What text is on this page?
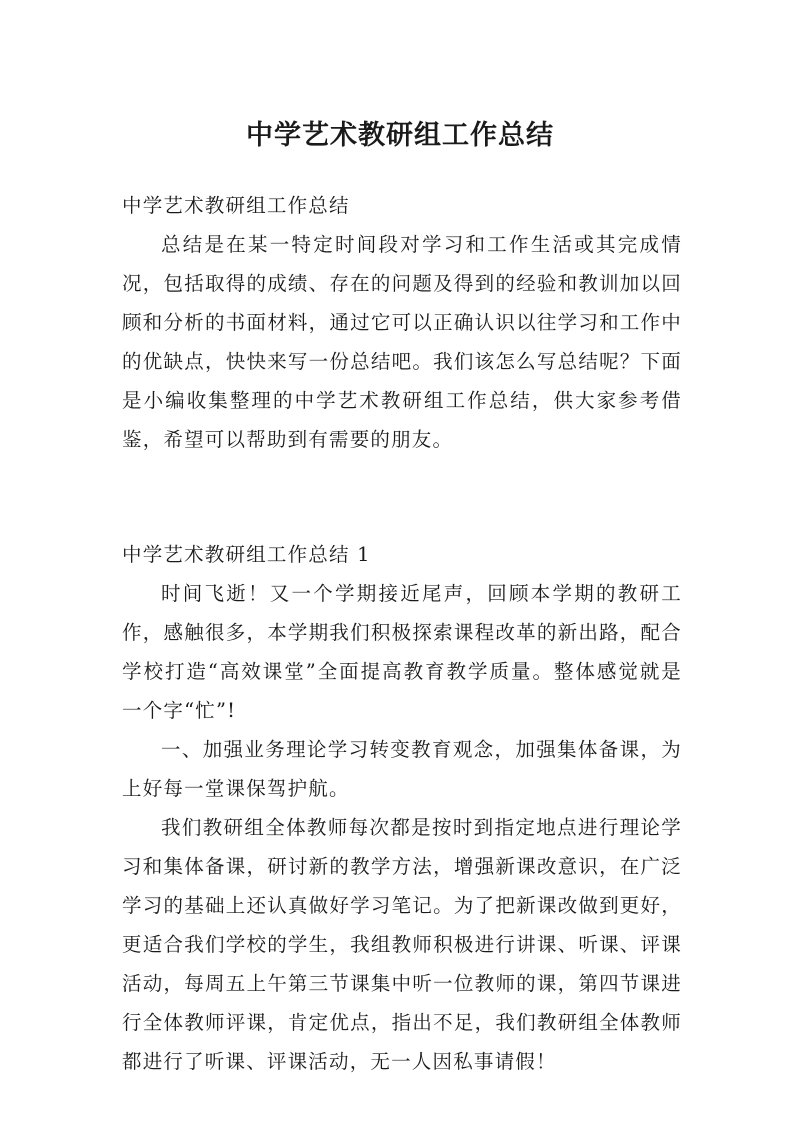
中学艺术教研组工作总结

中学艺术教研组工作总结

总结是在某一特定时间段对学习和工作生活或其完成情况，包括取得的成绩、存在的问题及得到的经验和教训加以回顾和分析的书面材料，通过它可以正确认识以往学习和工作中的优缺点，快快来写一份总结吧。我们该怎么写总结呢？下面是小编收集整理的中学艺术教研组工作总结，供大家参考借鉴，希望可以帮助到有需要的朋友。

中学艺术教研组工作总结 1

时间飞逝！又一个学期接近尾声，回顾本学期的教研工作，感触很多，本学期我们积极探索课程改革的新出路，配合学校打造“高效课堂”全面提高教育教学质量。整体感觉就是一个字“忙”!

一、加强业务理论学习转变教育观念，加强集体备课，为上好每一堂课保驾护航。

我们教研组全体教师每次都是按时到指定地点进行理论学习和集体备课，研讨新的教学方法，增强新课改意识，在广泛学习的基础上还认真做好学习笔记。为了把新课改做到更好，更适合我们学校的学生，我组教师积极进行讲课、听课、评课活动，每周五上午第三节课集中听一位教师的课，第四节课进行全体教师评课，肯定优点，指出不足，我们教研组全体教师都进行了听课、评课活动，无一人因私事请假！
